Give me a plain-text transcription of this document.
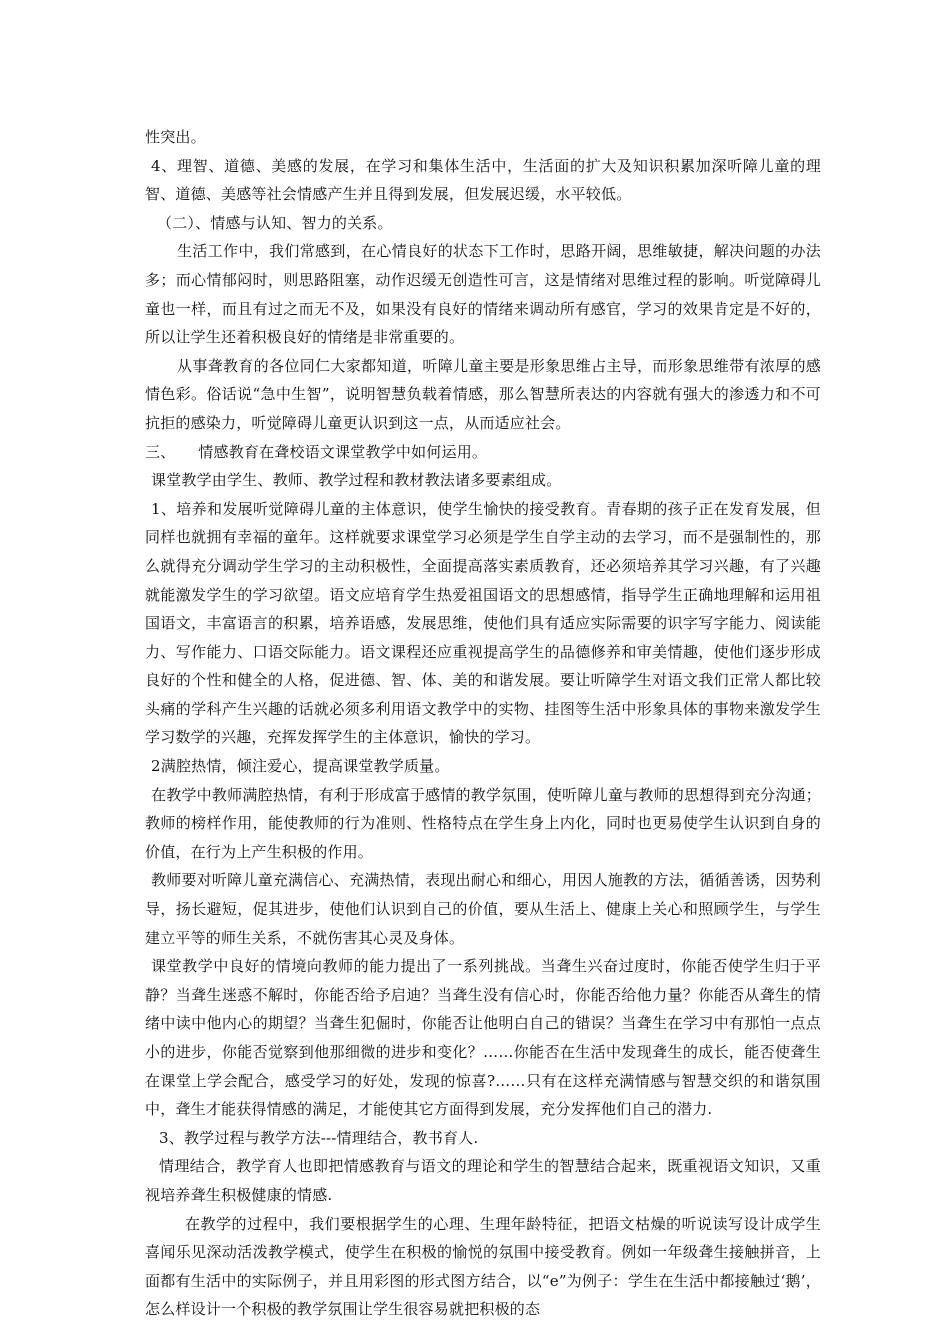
性突出。

4、理智、道德、美感的发展，在学习和集体生活中，生活面的扩大及知识积累加深听障儿童的理智、道德、美感等社会情感产生并且得到发展，但发展迟缓，水平较低。

（二）、情感与认知、智力的关系。

生活工作中，我们常感到，在心情良好的状态下工作时，思路开阔，思维敏捷，解决问题的办法多；而心情郁闷时，则思路阻塞，动作迟缓无创造性可言，这是情绪对思维过程的影响。听觉障碍儿童也一样，而且有过之而无不及，如果没有良好的情绪来调动所有感官，学习的效果肯定是不好的，所以让学生还着积极良好的情绪是非常重要的。

从事聋教育的各位同仁大家都知道，听障儿童主要是形象思维占主导，而形象思维带有浓厚的感情色彩。俗话说“急中生智”，说明智慧负载着情感，那么智慧所表达的内容就有强大的渗透力和不可抗拒的感染力，听觉障碍儿童更认识到这一点，从而适应社会。

三、　　情感教育在聋校语文课堂教学中如何运用。

课堂教学由学生、教师、教学过程和教材教法诸多要素组成。

1、培养和发展听觉障碍儿童的主体意识，使学生愉快的接受教育。青春期的孩子正在发育发展，但同样也就拥有幸福的童年。这样就要求课堂学习必须是学生自学主动的去学习，而不是强制性的，那么就得充分调动学生学习的主动积极性，全面提高落实素质教育，还必须培养其学习兴趣，有了兴趣就能激发学生的学习欲望。语文应培育学生热爱祖国语文的思想感情，指导学生正确地理解和运用祖国语文，丰富语言的积累，培养语感，发展思维，使他们具有适应实际需要的识字写字能力、阅读能力、写作能力、口语交际能力。语文课程还应重视提高学生的品德修养和审美情趣，使他们逐步形成良好的个性和健全的人格，促进德、智、体、美的和谐发展。要让听障学生对语文我们正常人都比较头痛的学科产生兴趣的话就必须多利用语文教学中的实物、挂图等生活中形象具体的事物来激发学生学习数学的兴趣，充挥发挥学生的主体意识，愉快的学习。

2满腔热情，倾注爱心，提高课堂教学质量。

在教学中教师满腔热情，有利于形成富于感情的教学氛围，使听障儿童与教师的思想得到充分沟通；教师的榜样作用，能使教师的行为准则、性格特点在学生身上内化，同时也更易使学生认识到自身的价值，在行为上产生积极的作用。

教师要对听障儿童充满信心、充满热情，表现出耐心和细心，用因人施教的方法，循循善诱，因势利导，扬长避短，促其进步，使他们认识到自己的价值，要从生活上、健康上关心和照顾学生，与学生建立平等的师生关系，不就伤害其心灵及身体。

课堂教学中良好的情境向教师的能力提出了一系列挑战。当聋生兴奋过度时，你能否使学生归于平静？当聋生迷惑不解时，你能否给予启迪？当聋生没有信心时，你能否给他力量？你能否从聋生的情绪中读中他内心的期望？当聋生犯倔时，你能否让他明白自己的错误？当聋生在学习中有那怕一点点小的进步，你能否觉察到他那细微的进步和变化？……你能否在生活中发现聋生的成长，能否使聋生在课堂上学会配合，感受学习的好处，发现的惊喜?……只有在这样充满情感与智慧交织的和谐氛围中，聋生才能获得情感的满足，才能使其它方面得到发展，充分发挥他们自己的潜力.

3、教学过程与教学方法---情理结合，教书育人.

情理结合，教学育人也即把情感教育与语文的理论和学生的智慧结合起来，既重视语文知识，又重视培养聋生积极健康的情感.

在教学的过程中，我们要根据学生的心理、生理年龄特征，把语文枯燥的听说读写设计成学生喜闻乐见深动活泼教学模式，使学生在积极的愉悦的氛围中接受教育。例如一年级聋生接触拼音，上面都有生活中的实际例子，并且用彩图的形式图方结合，以“e”为例子：学生在生活中都接触过‘鹅’，怎么样设计一个积极的教学氛围让学生很容易就把积极的态
